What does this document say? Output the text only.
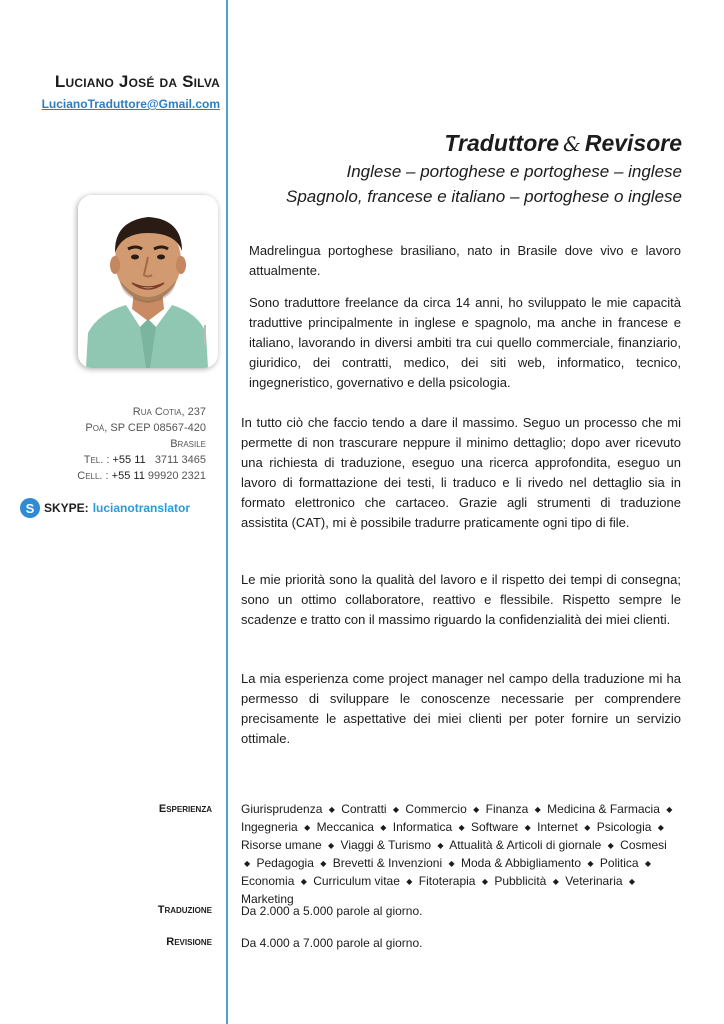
Luciano José da Silva
LucianoTraduttore@Gmail.com
Rua Cotia, 237
Poá, SP CEP 08567-420
Brasile
Tel. : +55 11 3711 3465
Cell. : +55 11 99920 2321
S SKYPE: lucianotranslator
Traduttore & Revisore
Inglese – portoghese e portoghese – inglese
Spagnolo, francese e italiano – portoghese o inglese
Madrelingua portoghese brasiliano, nato in Brasile dove vivo e lavoro attualmente.
Sono traduttore freelance da circa 14 anni, ho sviluppato le mie capacità traduttive principalmente in inglese e spagnolo, ma anche in francese e italiano, lavorando in diversi ambiti tra cui quello commerciale, finanziario, giuridico, dei contratti, medico, dei siti web, informatico, tecnico, ingegneristico, governativo e della psicologia.
In tutto ciò che faccio tendo a dare il massimo. Seguo un processo che mi permette di non trascurare neppure il minimo dettaglio; dopo aver ricevuto una richiesta di traduzione, eseguo una ricerca approfondita, eseguo un lavoro di formattazione dei testi, li traduco e li rivedo nel dettaglio sia in formato elettronico che cartaceo. Grazie agli strumenti di traduzione assistita (CAT), mi è possibile tradurre praticamente ogni tipo di file.
Le mie priorità sono la qualità del lavoro e il rispetto dei tempi di consegna; sono un ottimo collaboratore, reattivo e flessibile. Rispetto sempre le scadenze e tratto con il massimo riguardo la confidenzialità dei miei clienti.
La mia esperienza come project manager nel campo della traduzione mi ha permesso di sviluppare le conoscenze necessarie per comprendere precisamente le aspettative dei miei clienti per poter fornire un servizio ottimale.
Esperienza Giurisprudenza ◆ Contratti ◆ Commercio ◆ Finanza ◆ Medicina & Farmacia ◆ Ingegneria ◆ Meccanica ◆ Informatica ◆ Software ◆ Internet ◆ Psicologia ◆ Risorse umane ◆ Viaggi & Turismo ◆ Attualità & Articoli di giornale ◆ Cosmesi ◆ Pedagogia ◆ Brevetti & Invenzioni ◆ Moda & Abbigliamento ◆ Politica ◆ Economia ◆ Curriculum vitae ◆ Fitoterapia ◆ Pubblicità ◆ Veterinaria ◆ Marketing
Traduzione Da 2.000 a 5.000 parole al giorno.
Revisione Da 4.000 a 7.000 parole al giorno.
